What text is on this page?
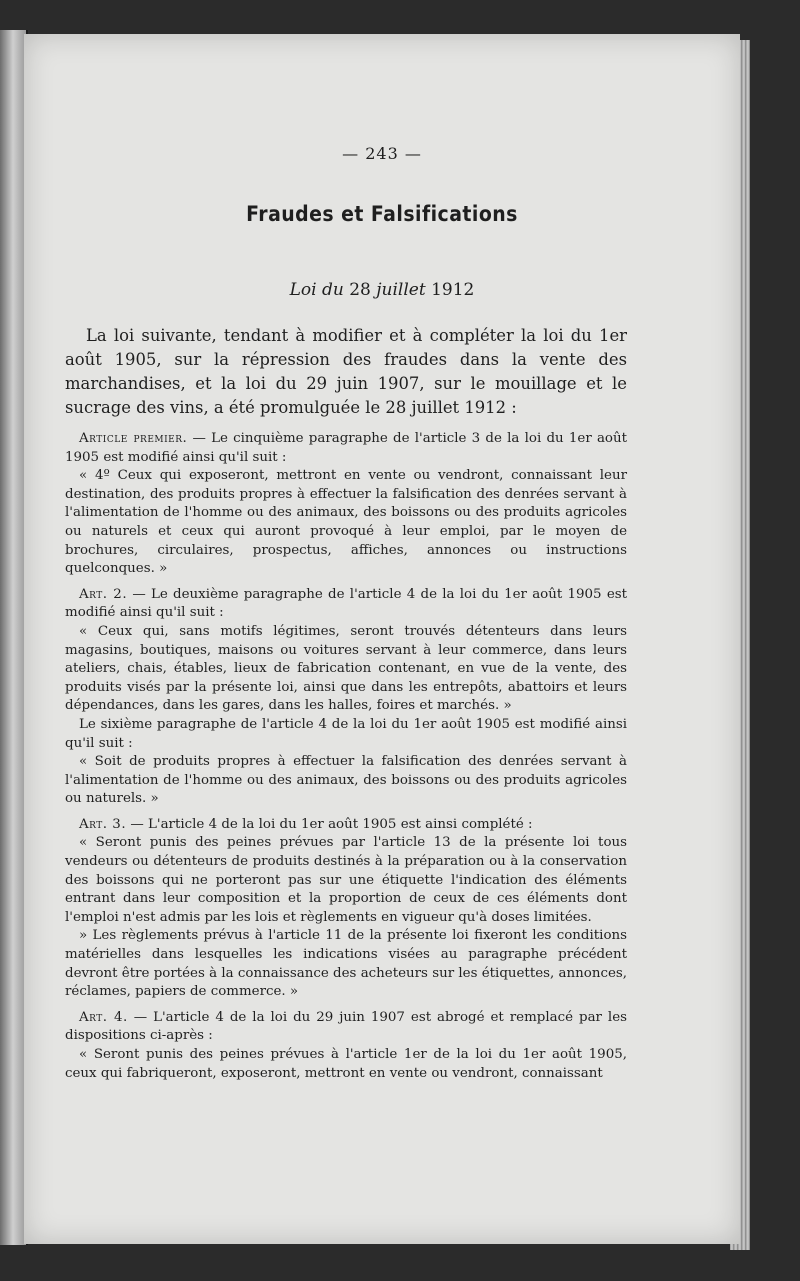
— 243 —
Fraudes et Falsifications
Loi du 28 juillet 1912

La loi suivante, tendant à modifier et à compléter la loi du 1er août 1905, sur la répression des fraudes dans la vente des marchandises, et la loi du 29 juin 1907, sur le mouillage et le sucrage des vins, a été promulguée le 28 juillet 1912 :

Article premier. — Le cinquième paragraphe de l'article 3 de la loi du 1er août 1905 est modifié ainsi qu'il suit :

« 4º Ceux qui exposeront, mettront en vente ou vendront, connaissant leur destination, des produits propres à effectuer la falsification des denrées servant à l'alimentation de l'homme ou des animaux, des boissons ou des produits agricoles ou naturels et ceux qui auront provoqué à leur emploi, par le moyen de brochures, circulaires, prospectus, affiches, annonces ou instructions quelconques. »

Art. 2. — Le deuxième paragraphe de l'article 4 de la loi du 1er août 1905 est modifié ainsi qu'il suit :

« Ceux qui, sans motifs légitimes, seront trouvés détenteurs dans leurs magasins, boutiques, maisons ou voitures servant à leur commerce, dans leurs ateliers, chais, étables, lieux de fabrication contenant, en vue de la vente, des produits visés par la présente loi, ainsi que dans les entrepôts, abattoirs et leurs dépendances, dans les gares, dans les halles, foires et marchés. »

Le sixième paragraphe de l'article 4 de la loi du 1er août 1905 est modifié ainsi qu'il suit :

« Soit de produits propres à effectuer la falsification des denrées servant à l'alimentation de l'homme ou des animaux, des boissons ou des produits agricoles ou naturels. »

Art. 3. — L'article 4 de la loi du 1er août 1905 est ainsi complété :

« Seront punis des peines prévues par l'article 13 de la présente loi tous vendeurs ou détenteurs de produits destinés à la préparation ou à la conservation des boissons qui ne porteront pas sur une étiquette l'indication des éléments entrant dans leur composition et la proportion de ceux de ces éléments dont l'emploi n'est admis par les lois et règlements en vigueur qu'à doses limitées.

» Les règlements prévus à l'article 11 de la présente loi fixeront les conditions matérielles dans lesquelles les indications visées au paragraphe précédent devront être portées à la connaissance des acheteurs sur les étiquettes, annonces, réclames, papiers de commerce. »

Art. 4. — L'article 4 de la loi du 29 juin 1907 est abrogé et remplacé par les dispositions ci-après :

« Seront punis des peines prévues à l'article 1er de la loi du 1er août 1905, ceux qui fabriqueront, exposeront, mettront en vente ou vendront, connaissant
